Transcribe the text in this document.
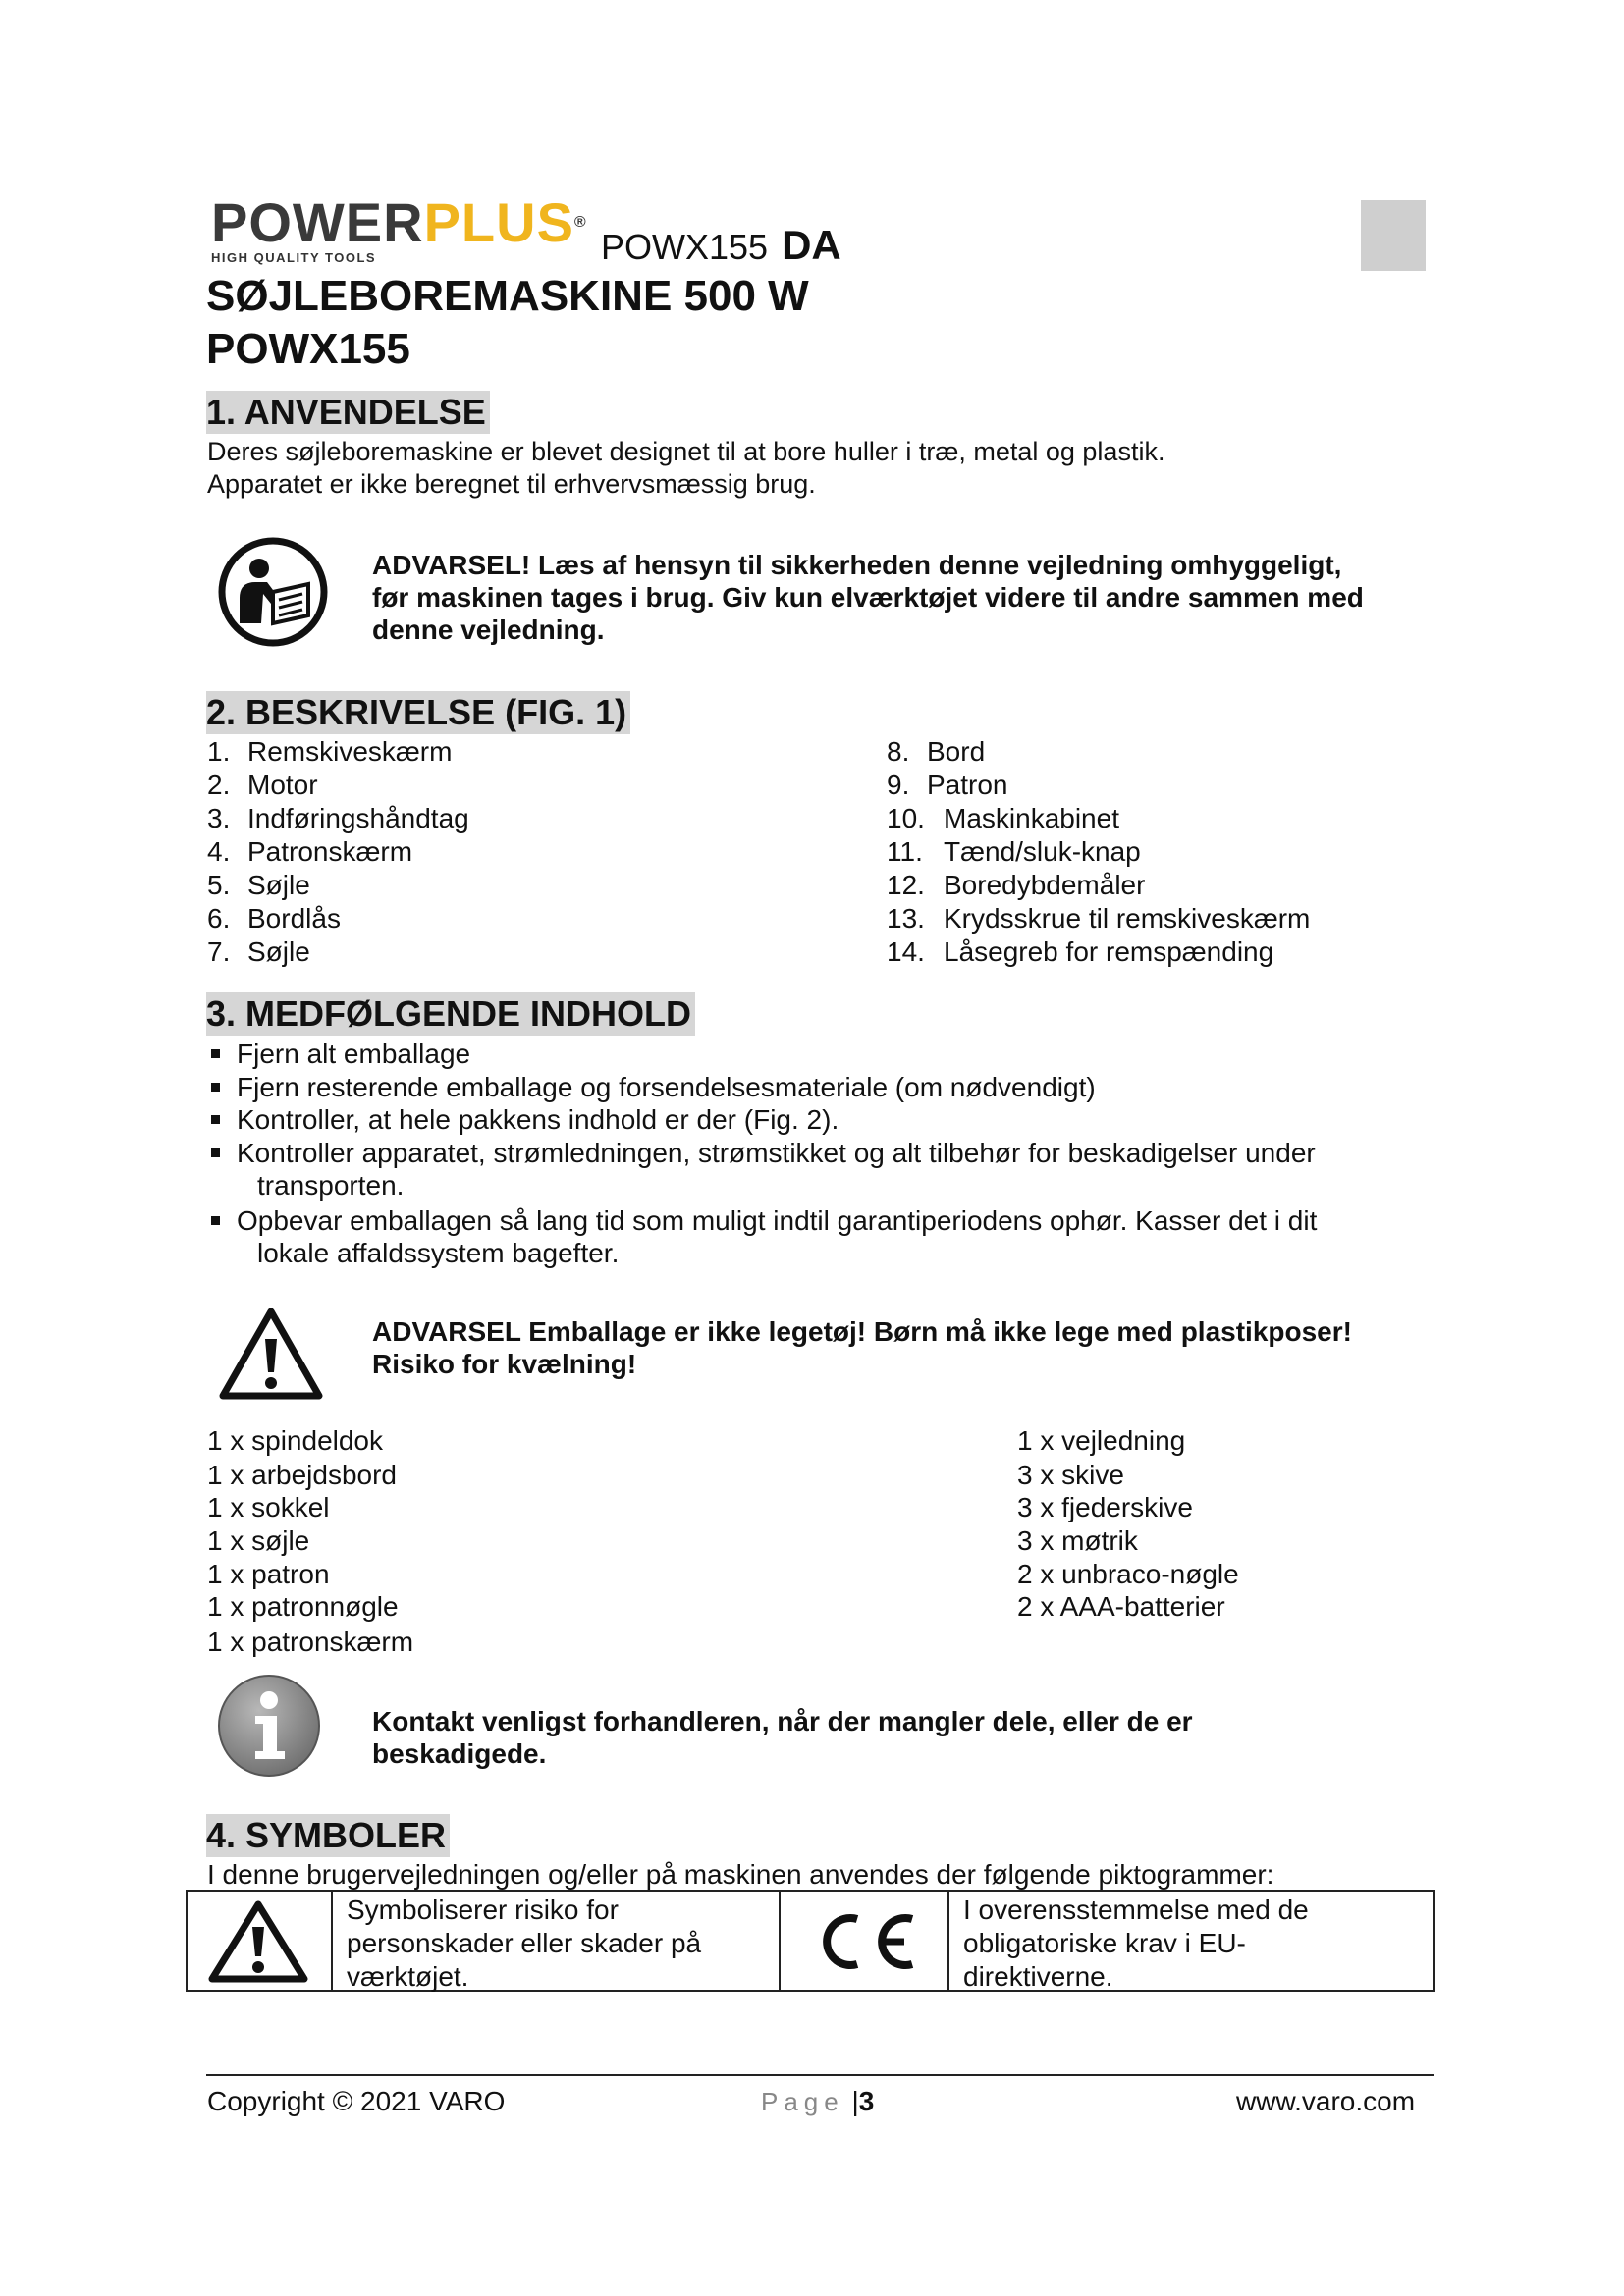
POWERPLUS®
HIGH QUALITY TOOLS	POWX155 DA
SØJLEBOREMASKINE 500 W
POWX155
1. ANVENDELSE
Deres søjleboremaskine er blevet designet til at bore huller i træ, metal og plastik.
Apparatet er ikke beregnet til erhvervsmæssig brug.
ADVARSEL! Læs af hensyn til sikkerheden denne vejledning omhyggeligt,
før maskinen tages i brug. Giv kun elværktøjet videre til andre sammen med
denne vejledning.
2. BESKRIVELSE (FIG. 1)
1. Remskiveskærm
2. Motor
3. Indføringshåndtag
4. Patronskærm
5. Søjle
6. Bordlås
7. Søjle
8. Bord
9. Patron
10. Maskinkabinet
11. Tænd/sluk-knap
12. Boredybdemåler
13. Krydsskrue til remskiveskærm
14. Låsegreb for remspænding
3. MEDFØLGENDE INDHOLD
Fjern alt emballage
Fjern resterende emballage og forsendelsesmateriale (om nødvendigt)
Kontroller, at hele pakkens indhold er der (Fig. 2).
Kontroller apparatet, strømledningen, strømstikket og alt tilbehør for beskadigelser under
transporten.
Opbevar emballagen så lang tid som muligt indtil garantiperiodens ophør. Kasser det i dit
lokale affaldssystem bagefter.
ADVARSEL Emballage er ikke legetøj! Børn må ikke lege med plastikposer!
Risiko for kvælning!
1 x spindeldok
1 x arbejdsbord
1 x sokkel
1 x søjle
1 x patron
1 x patronnøgle
1 x patronskærm
1 x vejledning
3 x skive
3 x fjederskive
3 x møtrik
2 x unbraco-nøgle
2 x AAA-batterier
Kontakt venligst forhandleren, når der mangler dele, eller de er
beskadigede.
4. SYMBOLER
I denne brugervejledningen og/eller på maskinen anvendes der følgende piktogrammer:
Symboliserer risiko for
personskader eller skader på
værktøjet.
I overensstemmelse med de
obligatoriske krav i EU-
direktiverne.
Copyright © 2021 VARO	Page |3	www.varo.com
